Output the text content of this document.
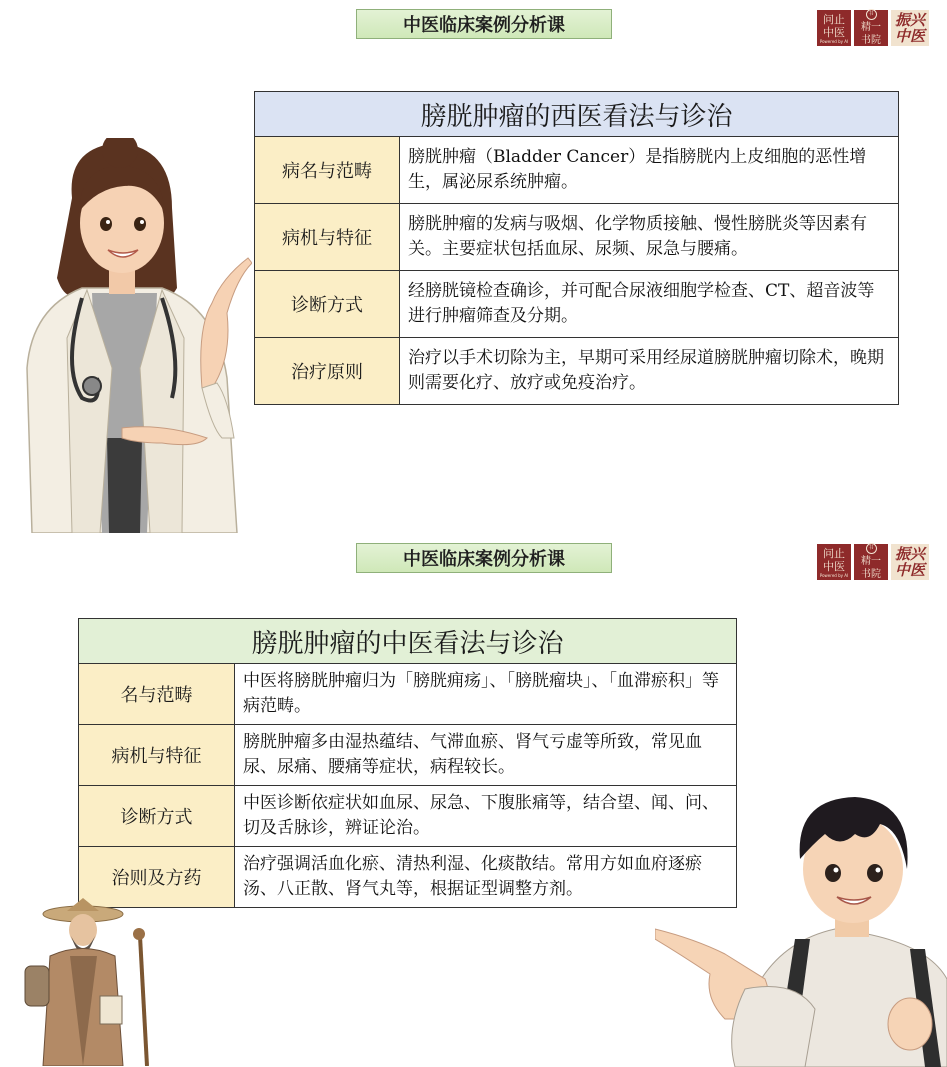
中医临床案例分析课	问止
中医
Powered by AI
书
精一
书院
振兴
中医
膀胱肿瘤的西医看法与诊治	
病名与范畴	膀胱肿瘤（Bladder Cancer）是指膀胱内上皮细胞的恶性增生，属泌尿系统肿瘤。
病机与特征	膀胱肿瘤的发病与吸烟、化学物质接触、慢性膀胱炎等因素有关。主要症状包括血尿、尿频、尿急与腰痛。
诊断方式	经膀胱镜检查确诊，并可配合尿液细胞学检查、CT、超音波等进行肿瘤筛查及分期。
治疗原则	治疗以手术切除为主，早期可采用经尿道膀胱肿瘤切除术，晚期则需要化疗、放疗或免疫治疗。
中医临床案例分析课	问止
中医
Powered by AI
书
精一
书院
振兴
中医
膀胱肿瘤的中医看法与诊治	
名与范畴	中医将膀胱肿瘤归为「膀胱痈疡」、「膀胱瘤块」、「血滞瘀积」等病范畴。
病机与特征	膀胱肿瘤多由湿热蕴结、气滞血瘀、肾气亏虚等所致，常见血尿、尿痛、腰痛等症状，病程较长。
诊断方式	中医诊断依症状如血尿、尿急、下腹胀痛等，结合望、闻、问、切及舌脉诊，辨证论治。
治则及方药	治疗强调活血化瘀、清热利湿、化痰散结。常用方如血府逐瘀汤、八正散、肾气丸等，根据证型调整方剂。
